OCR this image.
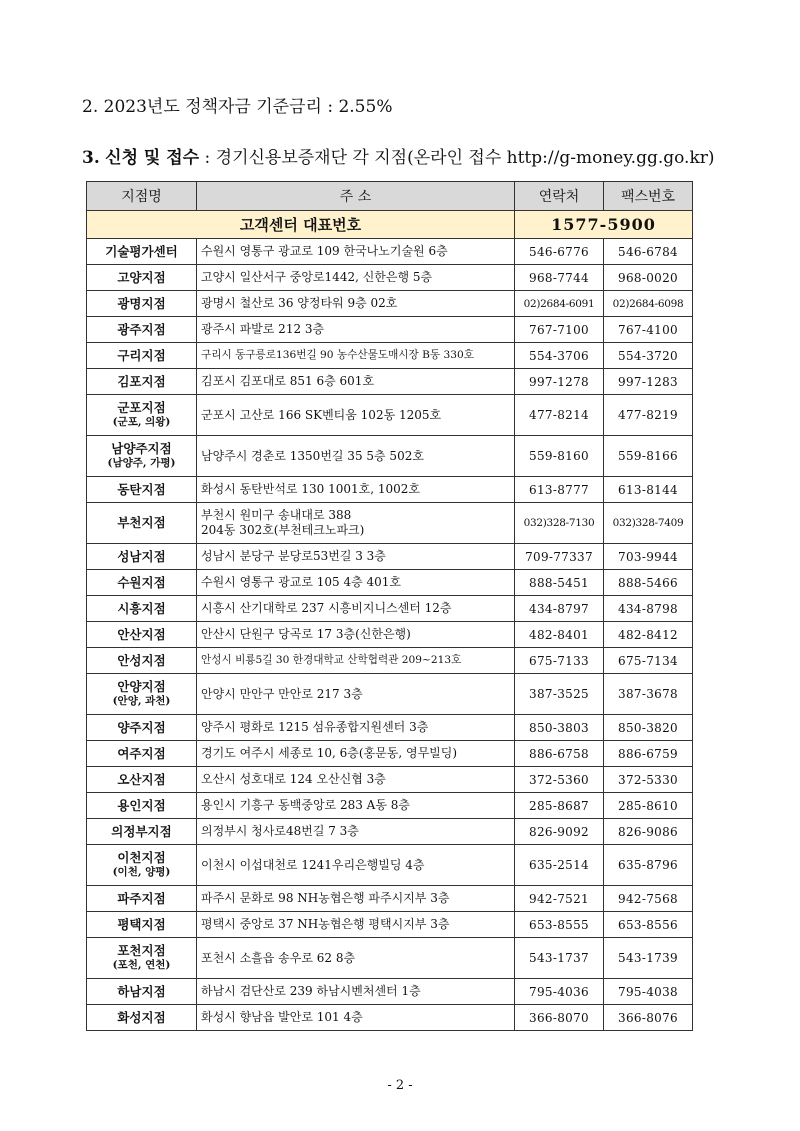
2. 2023년도 정책자금 기준금리 : 2.55%
3. 신청 및 접수 : 경기신용보증재단 각 지점(온라인 접수 http://g-money.gg.go.kr)
지점명	주 소	연락처	팩스번호
고객센터 대표번호		1577-5900	
기술평가센터	수원시 영통구 광교로 109 한국나노기술원 6층	546-6776	546-6784
고양지점	고양시 일산서구 중앙로1442, 신한은행 5층	968-7744	968-0020
광명지점	광명시 철산로 36 양정타워 9층 02호	02)2684-6091	02)2684-6098
광주지점	광주시 파발로 212 3층	767-7100	767-4100
구리지점	구리시 동구릉로136번길 90 농수산물도매시장 B동 330호	554-3706	554-3720
김포지점	김포시 김포대로 851 6층 601호	997-1278	997-1283
군포지점
(군포, 의왕)	군포시 고산로 166 SK벤티움 102동 1205호	477-8214	477-8219
남양주지점
(남양주, 가평)	남양주시 경춘로 1350번길 35 5층 502호	559-8160	559-8166
동탄지점	화성시 동탄반석로 130 1001호, 1002호	613-8777	613-8144
부천지점	부천시 원미구 송내대로 388
204동 302호(부천테크노파크)	032)328-7130	032)328-7409
성남지점	성남시 분당구 분당로53번길 3 3층	709-77337	703-9944
수원지점	수원시 영통구 광교로 105 4층 401호	888-5451	888-5466
시흥지점	시흥시 산기대학로 237 시흥비지니스센터 12층	434-8797	434-8798
안산지점	안산시 단원구 당곡로 17 3층(신한은행)	482-8401	482-8412
안성지점	안성시 비룡5길 30 한경대학교 산학협력관 209~213호	675-7133	675-7134
안양지점
(안양, 과천)	안양시 만안구 만안로 217 3층	387-3525	387-3678
양주지점	양주시 평화로 1215 섬유종합지원센터 3층	850-3803	850-3820
여주지점	경기도 여주시 세종로 10, 6층(홍문동, 영무빌딩)	886-6758	886-6759
오산지점	오산시 성호대로 124 오산신협 3층	372-5360	372-5330
용인지점	용인시 기흥구 동백중앙로 283 A동 8층	285-8687	285-8610
의정부지점	의정부시 청사로48번길 7 3층	826-9092	826-9086
이천지점
(이천, 양평)	이천시 이섭대천로 1241우리은행빌딩 4층	635-2514	635-8796
파주지점	파주시 문화로 98 NH농협은행 파주시지부 3층	942-7521	942-7568
평택지점	평택시 중앙로 37 NH농협은행 평택시지부 3층	653-8555	653-8556
포천지점
(포천, 연천)	포천시 소흘읍 송우로 62 8층	543-1737	543-1739
하남지점	하남시 검단산로 239 하남시벤처센터 1층	795-4036	795-4038
화성지점	화성시 향남읍 발안로 101 4층	366-8070	366-8076
- 2 -
